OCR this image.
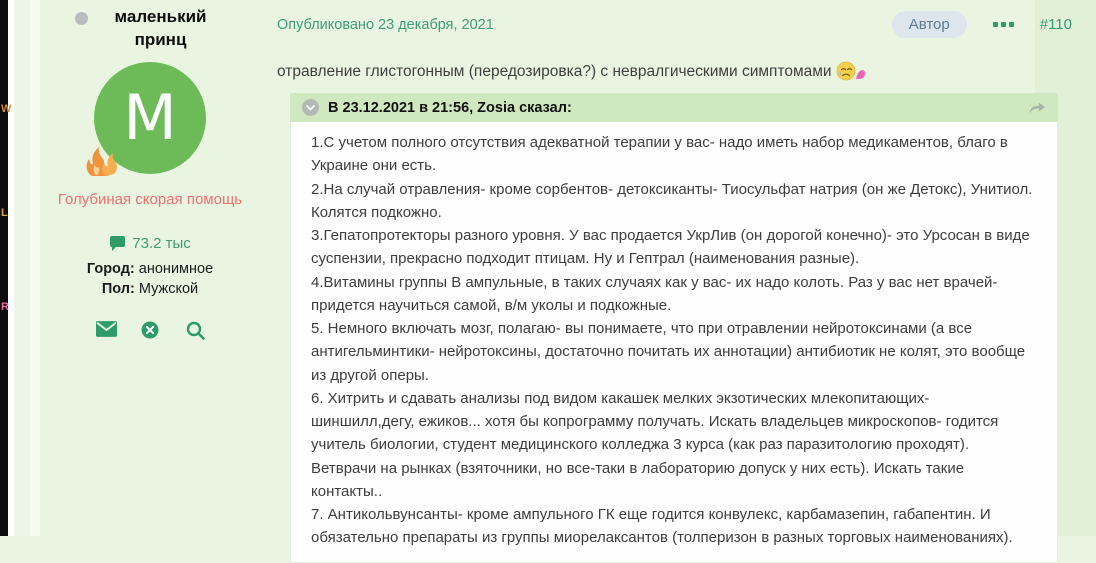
W
L
R
маленький принц
M
Голубиная скорая помощь
73.2 тыс
Город: анонимное
Пол: Мужской
Опубликовано 23 декабря, 2021	Автор	#110
отравление глистогонным (передозировка?) с невралгическими симптомами
В 23.12.2021 в 21:56, Zosia сказал:

1.С учетом полного отсутствия адекватной терапии у вас- надо иметь набор медикаментов, благо в Украине они есть.

2.На случай отравления- кроме сорбентов- детоксиканты- Тиосульфат натрия (он же Детокс), Унитиол. Колятся подкожно.

3.Гепатопротекторы разного уровня. У вас продается УкрЛив (он дорогой конечно)- это Урсосан в виде суспензии, прекрасно подходит птицам. Ну и Гептрал (наименования разные).

4.Витамины группы В ампульные, в таких случаях как у вас- их надо колоть. Раз у вас нет врачей- придется научиться самой, в/м уколы и подкожные.

5. Немного включать мозг, полагаю- вы понимаете, что при отравлении нейротоксинами (а все антигельминтики- нейротоксины, достаточно почитать их аннотации) антибиотик не колят, это вообще из другой оперы.

6. Хитрить и сдавать анализы под видом какашек мелких экзотических млекопитающих- шиншилл,дегу, ежиков... хотя бы копрограмму получать. Искать владельцев микроскопов- годится учитель биологии, студент медицинского колледжа 3 курса (как раз паразитологию проходят). Ветврачи на рынках (взяточники, но все-таки в лабораторию допуск у них есть). Искать такие контакты..

7. Антикольвунсанты- кроме ампульного ГК еще годится конвулекс, карбамазепин, габапентин. И обязательно препараты из группы миорелаксантов (толперизон в разных торговых наименованиях).
